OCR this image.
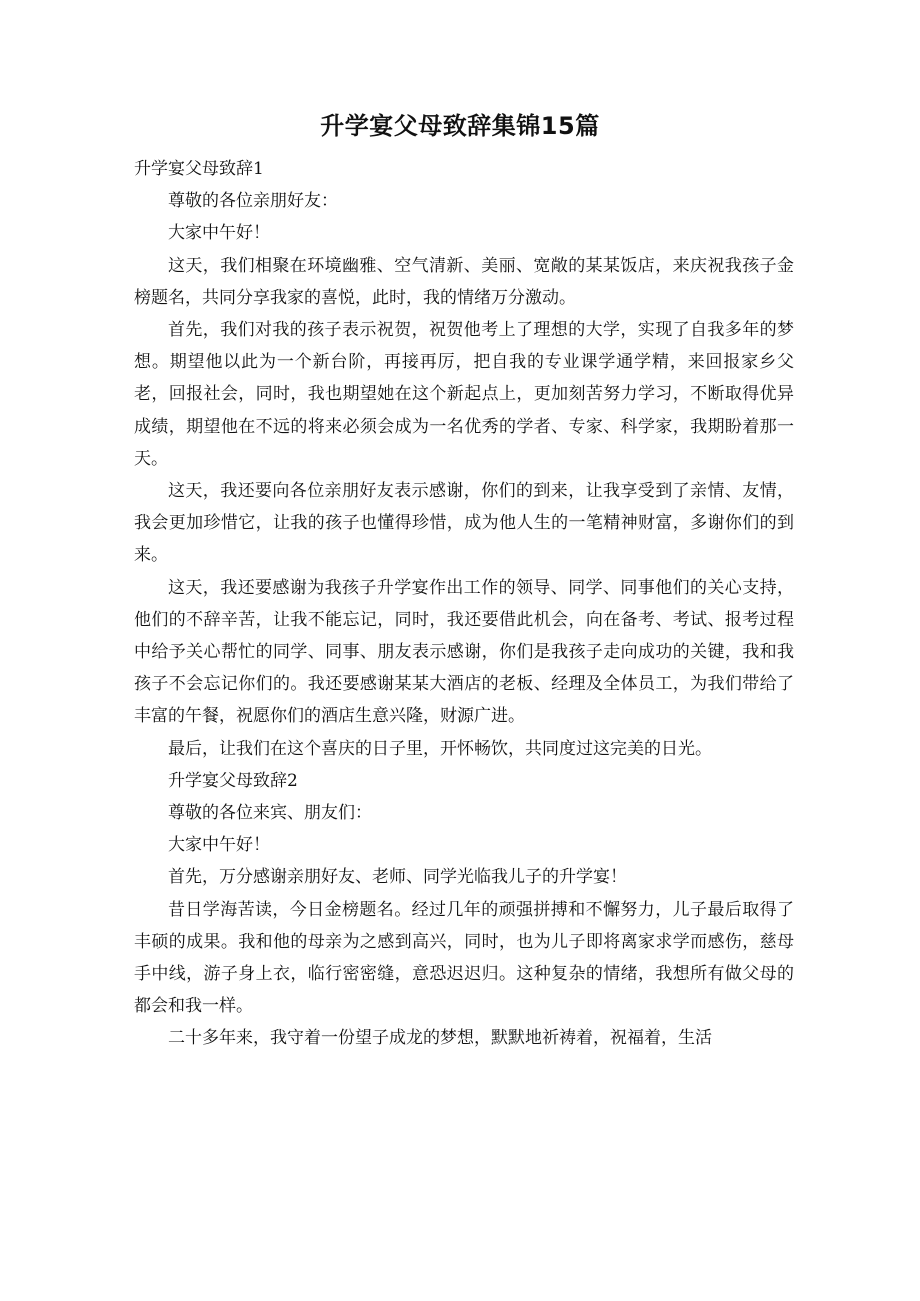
升学宴父母致辞集锦15篇

升学宴父母致辞1

尊敬的各位亲朋好友：

大家中午好！

这天，我们相聚在环境幽雅、空气清新、美丽、宽敞的某某饭店，来庆祝我孩子金榜题名，共同分享我家的喜悦，此时，我的情绪万分激动。

首先，我们对我的孩子表示祝贺，祝贺他考上了理想的大学，实现了自我多年的梦想。期望他以此为一个新台阶，再接再厉，把自我的专业课学通学精，来回报家乡父老，回报社会，同时，我也期望她在这个新起点上，更加刻苦努力学习，不断取得优异成绩，期望他在不远的将来必须会成为一名优秀的学者、专家、科学家，我期盼着那一天。

这天，我还要向各位亲朋好友表示感谢，你们的到来，让我享受到了亲情、友情，我会更加珍惜它，让我的孩子也懂得珍惜，成为他人生的一笔精神财富，多谢你们的到来。

这天，我还要感谢为我孩子升学宴作出工作的领导、同学、同事他们的关心支持，他们的不辞辛苦，让我不能忘记，同时，我还要借此机会，向在备考、考试、报考过程中给予关心帮忙的同学、同事、朋友表示感谢，你们是我孩子走向成功的关键，我和我孩子不会忘记你们的。我还要感谢某某大酒店的老板、经理及全体员工，为我们带给了丰富的午餐，祝愿你们的酒店生意兴隆，财源广进。

最后，让我们在这个喜庆的日子里，开怀畅饮，共同度过这完美的日光。

升学宴父母致辞2

尊敬的各位来宾、朋友们：

大家中午好！

首先，万分感谢亲朋好友、老师、同学光临我儿子的升学宴！

昔日学海苦读，今日金榜题名。经过几年的顽强拼搏和不懈努力，儿子最后取得了丰硕的成果。我和他的母亲为之感到高兴，同时，也为儿子即将离家求学而感伤，慈母手中线，游子身上衣，临行密密缝，意恐迟迟归。这种复杂的情绪，我想所有做父母的都会和我一样。

二十多年来，我守着一份望子成龙的梦想，默默地祈祷着，祝福着，生活
